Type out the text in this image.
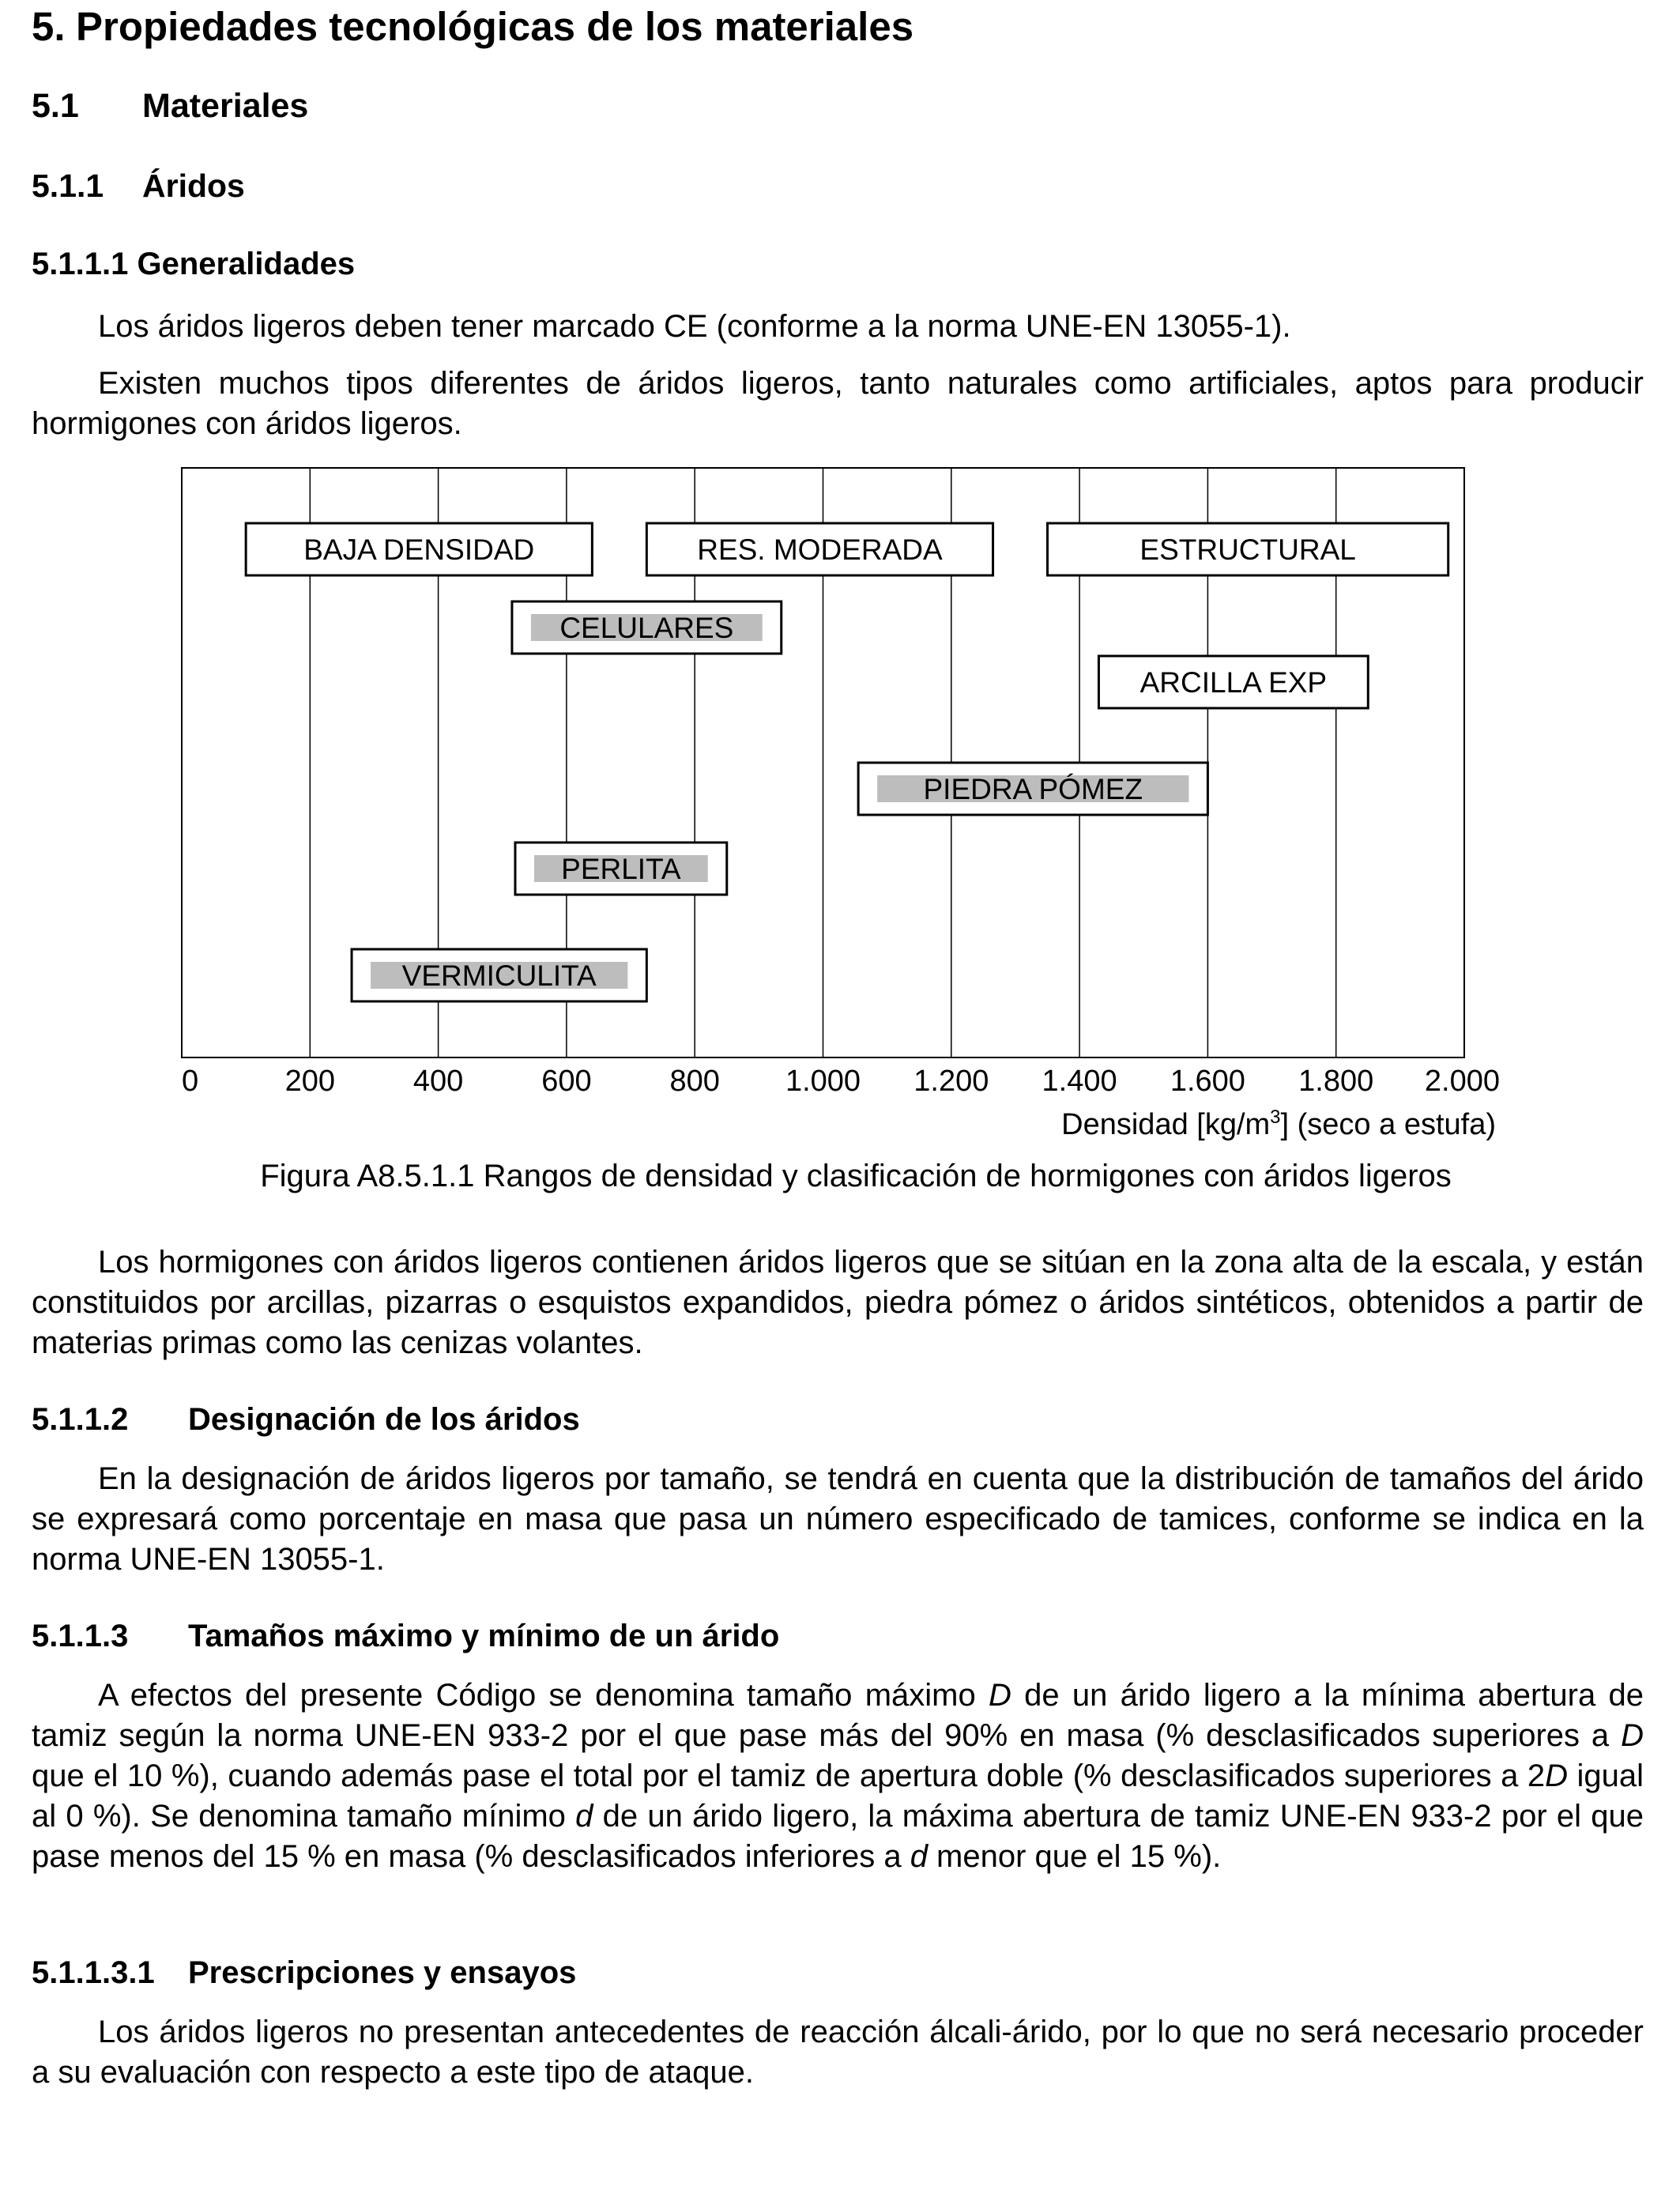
5. Propiedades tecnológicas de los materiales
5.1 Materiales
5.1.1 Áridos
5.1.1.1 Generalidades

Los áridos ligeros deben tener marcado CE (conforme a la norma UNE-EN 13055-1).

Existen muchos tipos diferentes de áridos ligeros, tanto naturales como artificiales, aptos para producir hormigones con áridos ligeros.

BAJA DENSIDAD	RES. MODERADA	ESTRUCTURAL
CELULARES
ARCILLA EXP
PIEDRA PÓMEZ
PERLITA
VERMICULITA
0	200	400	600	800 1.000 1.200 1.400 1.600 1.800 2.000
Densidad $[kg/m^3]$ (seco a estufa)

Figura A8.5.1.1 Rangos de densidad y clasificación de hormigones con áridos ligeros

Los hormigones con áridos ligeros contienen áridos ligeros que se sitúan en la zona alta de la escala, y están constituidos por arcillas, pizarras o esquistos expandidos, piedra pómez o áridos sintéticos, obtenidos a partir de materias primas como las cenizas volantes.

5.1.1.2 Designación de los áridos

En la designación de áridos ligeros por tamaño, se tendrá en cuenta que la distribución de tamaños del árido se expresará como porcentaje en masa que pasa un número especificado de tamices, conforme se indica en la norma UNE-EN 13055-1.

5.1.1.3 Tamaños máximo y mínimo de un árido

A efectos del presente Código se denomina tamaño máximo D de un árido ligero a la mínima abertura de tamiz según la norma UNE-EN 933-2 por el que pase más del 90% en masa (% desclasificados superiores a D que el 10 %), cuando además pase el total por el tamiz de apertura doble (% desclasificados superiores a 2D igual al 0 %). Se denomina tamaño mínimo d de un árido ligero, la máxima abertura de tamiz UNE-EN 933-2 por el que pase menos del 15 % en masa (% desclasificados inferiores a d menor que el 15 %).

5.1.1.3.1 Prescripciones y ensayos

Los áridos ligeros no presentan antecedentes de reacción álcali-árido, por lo que no será necesario proceder a su evaluación con respecto a este tipo de ataque.
